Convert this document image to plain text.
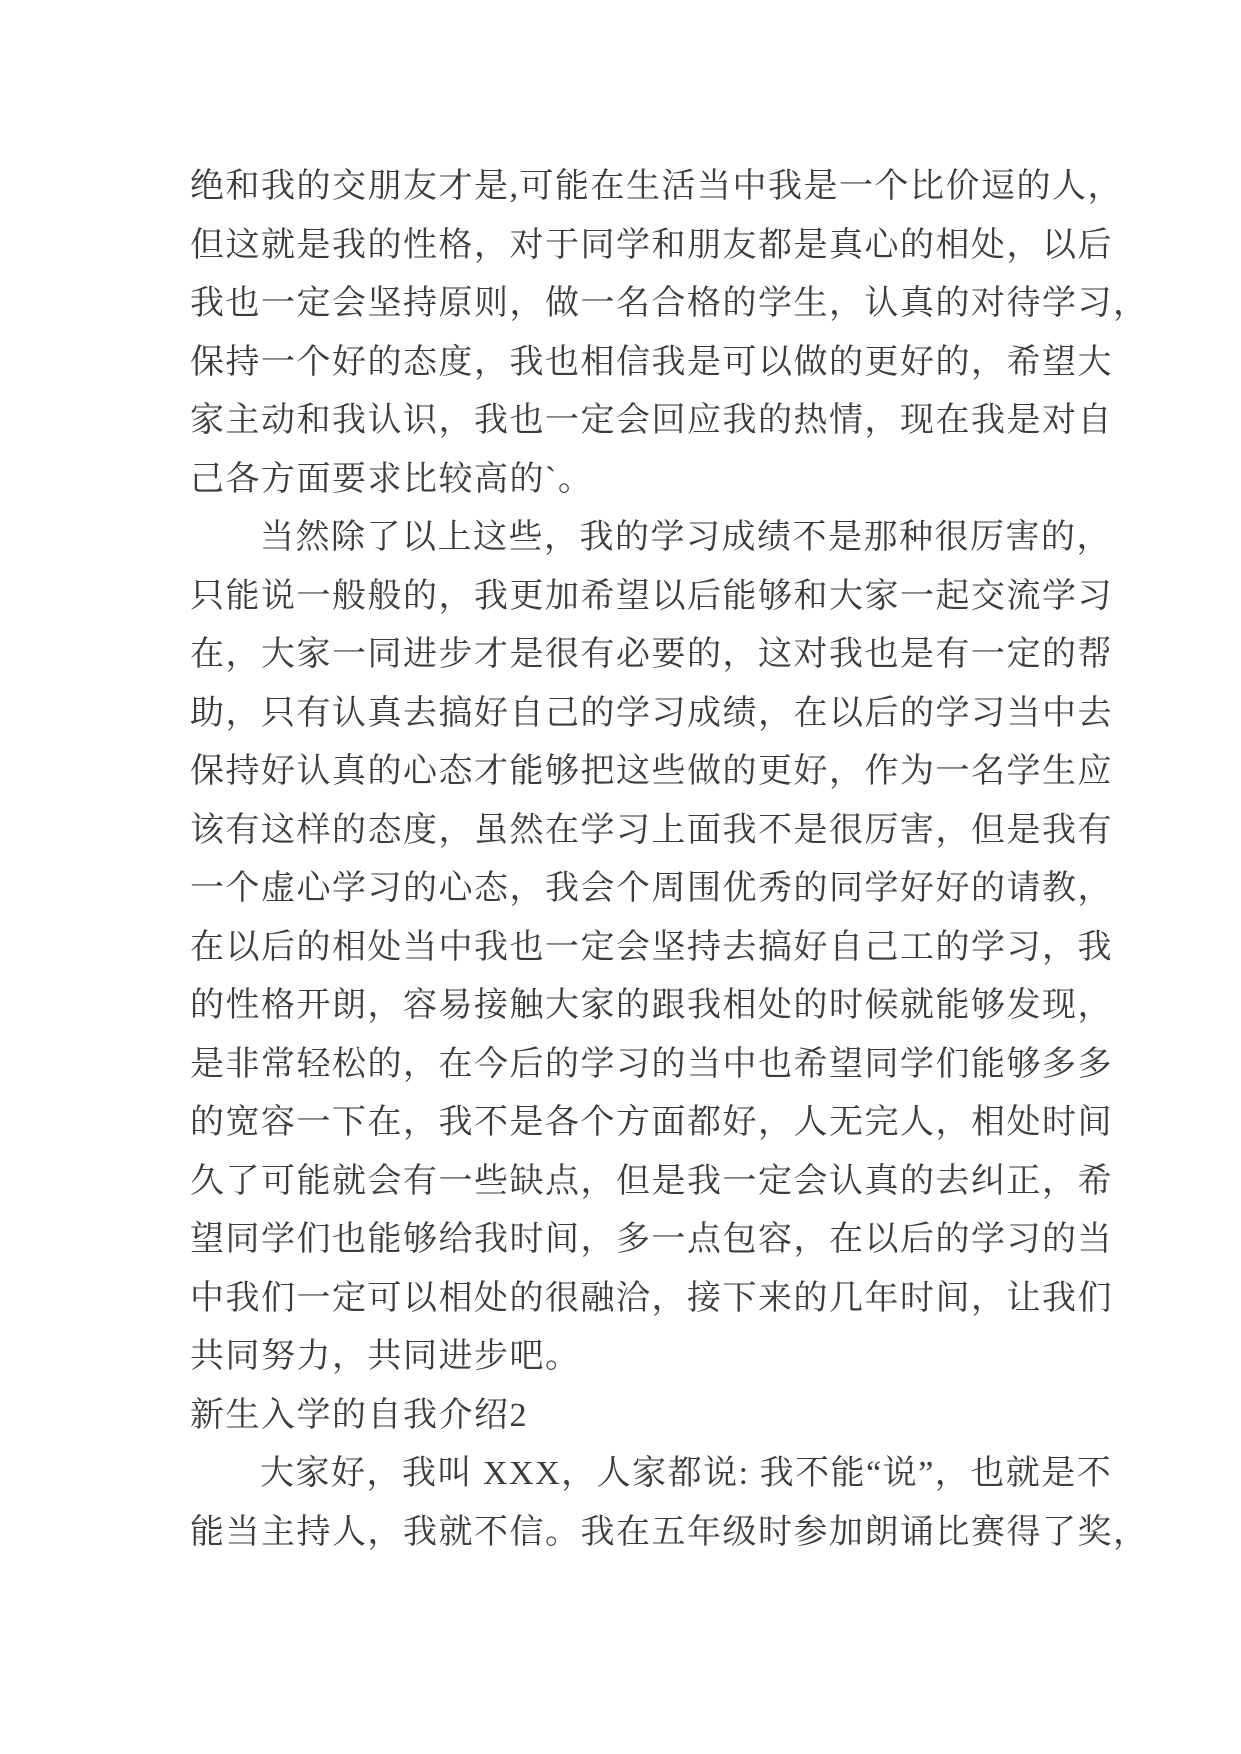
绝和我的交朋友才是,可能在生活当中我是一个比价逗的人，

但这就是我的性格，对于同学和朋友都是真心的相处，以后

我也一定会坚持原则，做一名合格的学生，认真的对待学习，

保持一个好的态度，我也相信我是可以做的更好的，希望大

家主动和我认识，我也一定会回应我的热情，现在我是对自

己各方面要求比较高的`。

当然除了以上这些，我的学习成绩不是那种很厉害的，

只能说一般般的，我更加希望以后能够和大家一起交流学习

在，大家一同进步才是很有必要的，这对我也是有一定的帮

助，只有认真去搞好自己的学习成绩，在以后的学习当中去

保持好认真的心态才能够把这些做的更好，作为一名学生应

该有这样的态度，虽然在学习上面我不是很厉害，但是我有

一个虚心学习的心态，我会个周围优秀的同学好好的请教，

在以后的相处当中我也一定会坚持去搞好自己工的学习，我

的性格开朗，容易接触大家的跟我相处的时候就能够发现，

是非常轻松的，在今后的学习的当中也希望同学们能够多多

的宽容一下在，我不是各个方面都好，人无完人，相处时间

久了可能就会有一些缺点，但是我一定会认真的去纠正，希

望同学们也能够给我时间，多一点包容，在以后的学习的当

中我们一定可以相处的很融洽，接下来的几年时间，让我们

共同努力，共同进步吧。

新生入学的自我介绍2

大家好，我叫 XXX，人家都说: 我不能“说”，也就是不

能当主持人，我就不信。我在五年级时参加朗诵比赛得了奖，
